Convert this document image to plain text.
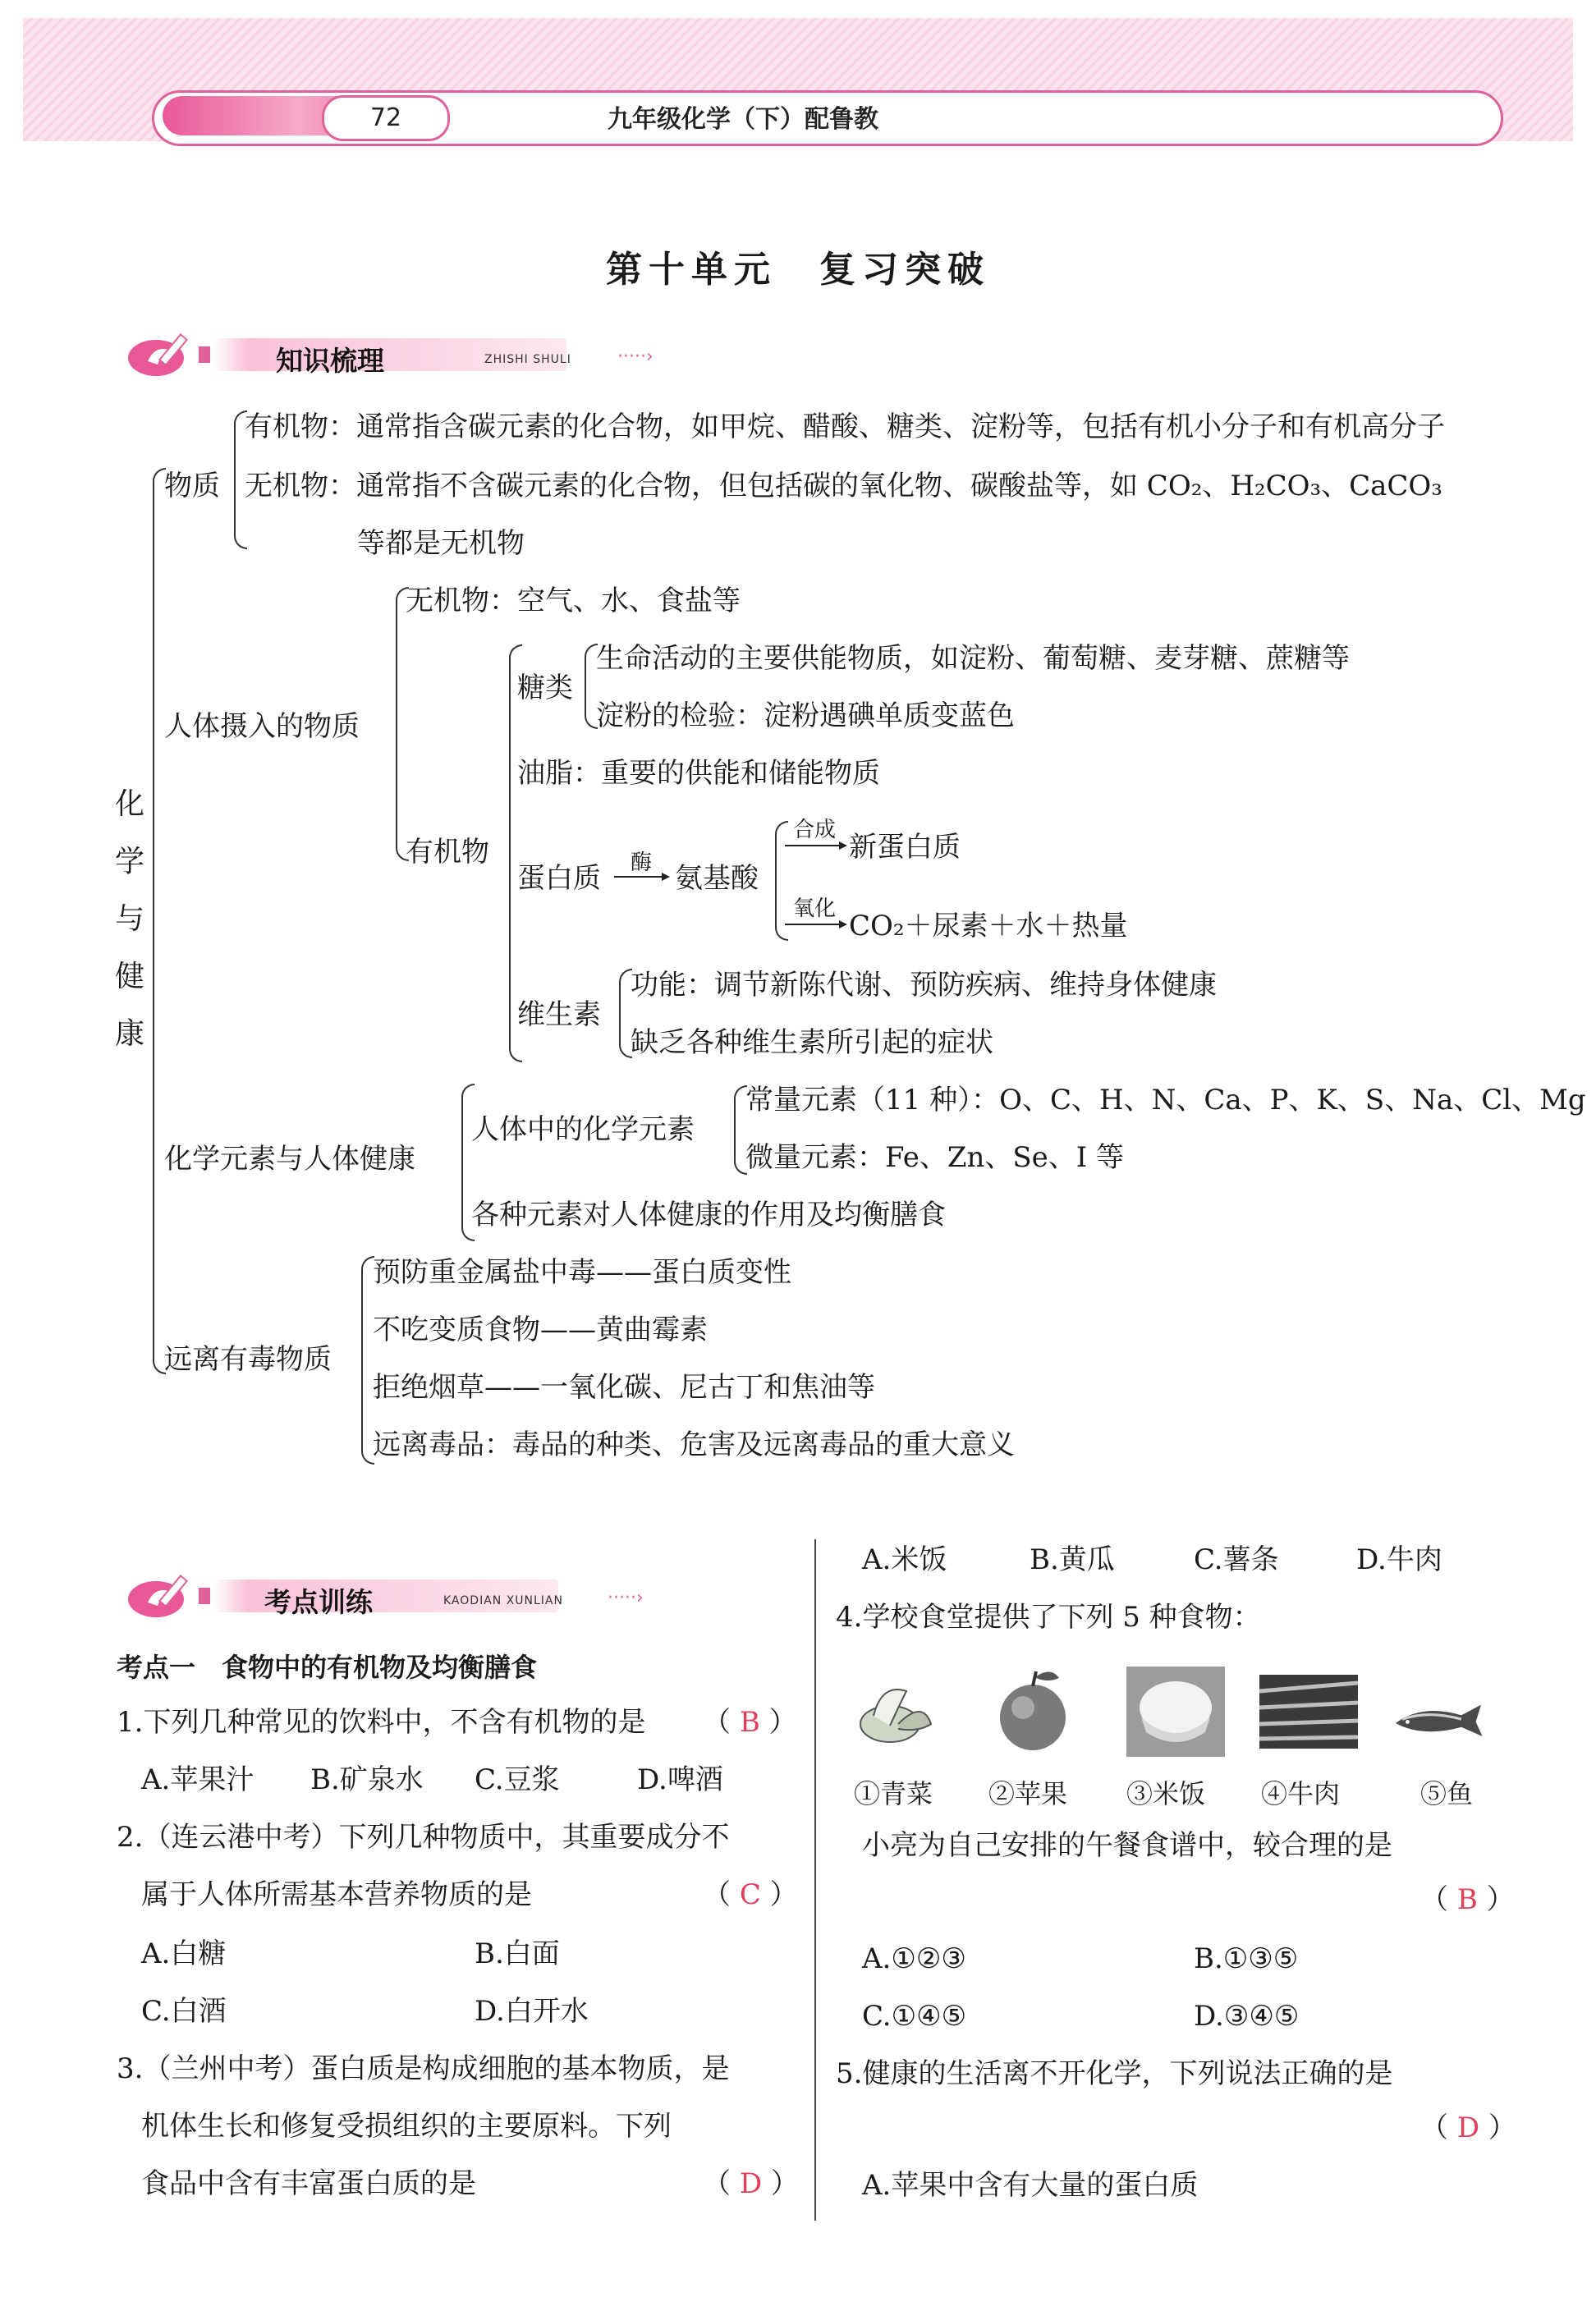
72	九年级化学（下）配鲁教
第十单元　复习突破
知识梳理	ZHISHI SHULI	·····›
化
学
与
健
康
物质
有机物：通常指含碳元素的化合物，如甲烷、醋酸、糖类、淀粉等，包括有机小分子和有机高分子
无机物：通常指不含碳元素的化合物，但包括碳的氧化物、碳酸盐等，如 CO₂、H₂CO₃、CaCO₃
等都是无机物
人体摄入的物质
无机物：空气、水、食盐等
有机物
糖类
生命活动的主要供能物质，如淀粉、葡萄糖、麦芽糖、蔗糖等
淀粉的检验：淀粉遇碘单质变蓝色
油脂：重要的供能和储能物质
蛋白质 酶 氨基酸
合成
新蛋白质
氧化
CO₂＋尿素＋水＋热量
维生素
功能：调节新陈代谢、预防疾病、维持身体健康
缺乏各种维生素所引起的症状
化学元素与人体健康
人体中的化学元素
常量元素（11 种）：O、C、H、N、Ca、P、K、S、Na、Cl、Mg
微量元素：Fe、Zn、Se、I 等
各种元素对人体健康的作用及均衡膳食
远离有毒物质
预防重金属盐中毒——蛋白质变性
不吃变质食物——黄曲霉素
拒绝烟草——一氧化碳、尼古丁和焦油等
远离毒品：毒品的种类、危害及远离毒品的重大意义
考点训练	KAODIAN XUNLIAN ·····›
考点一　食物中的有机物及均衡膳食
1.下列几种常见的饮料中，不含有机物的是 （ B ）
A.苹果汁 B.矿泉水 C.豆浆	D.啤酒
2.（连云港中考）下列几种物质中，其重要成分不
属于人体所需基本营养物质的是	（ C ）
A.白糖	B.白面
C.白酒	D.白开水
3.（兰州中考）蛋白质是构成细胞的基本物质，是
机体生长和修复受损组织的主要原料。下列
食品中含有丰富蛋白质的是	（ D ）
A.米饭	B.黄瓜	C.薯条	D.牛肉
4.学校食堂提供了下列 5 种食物：
①青菜 ②苹果 ③米饭 ④牛肉	⑤鱼
小亮为自己安排的午餐食谱中，较合理的是
（ B ）
A.①②③	B.①③⑤
C.①④⑤	D.③④⑤
5.健康的生活离不开化学，下列说法正确的是
（ D ）
A.苹果中含有大量的蛋白质
